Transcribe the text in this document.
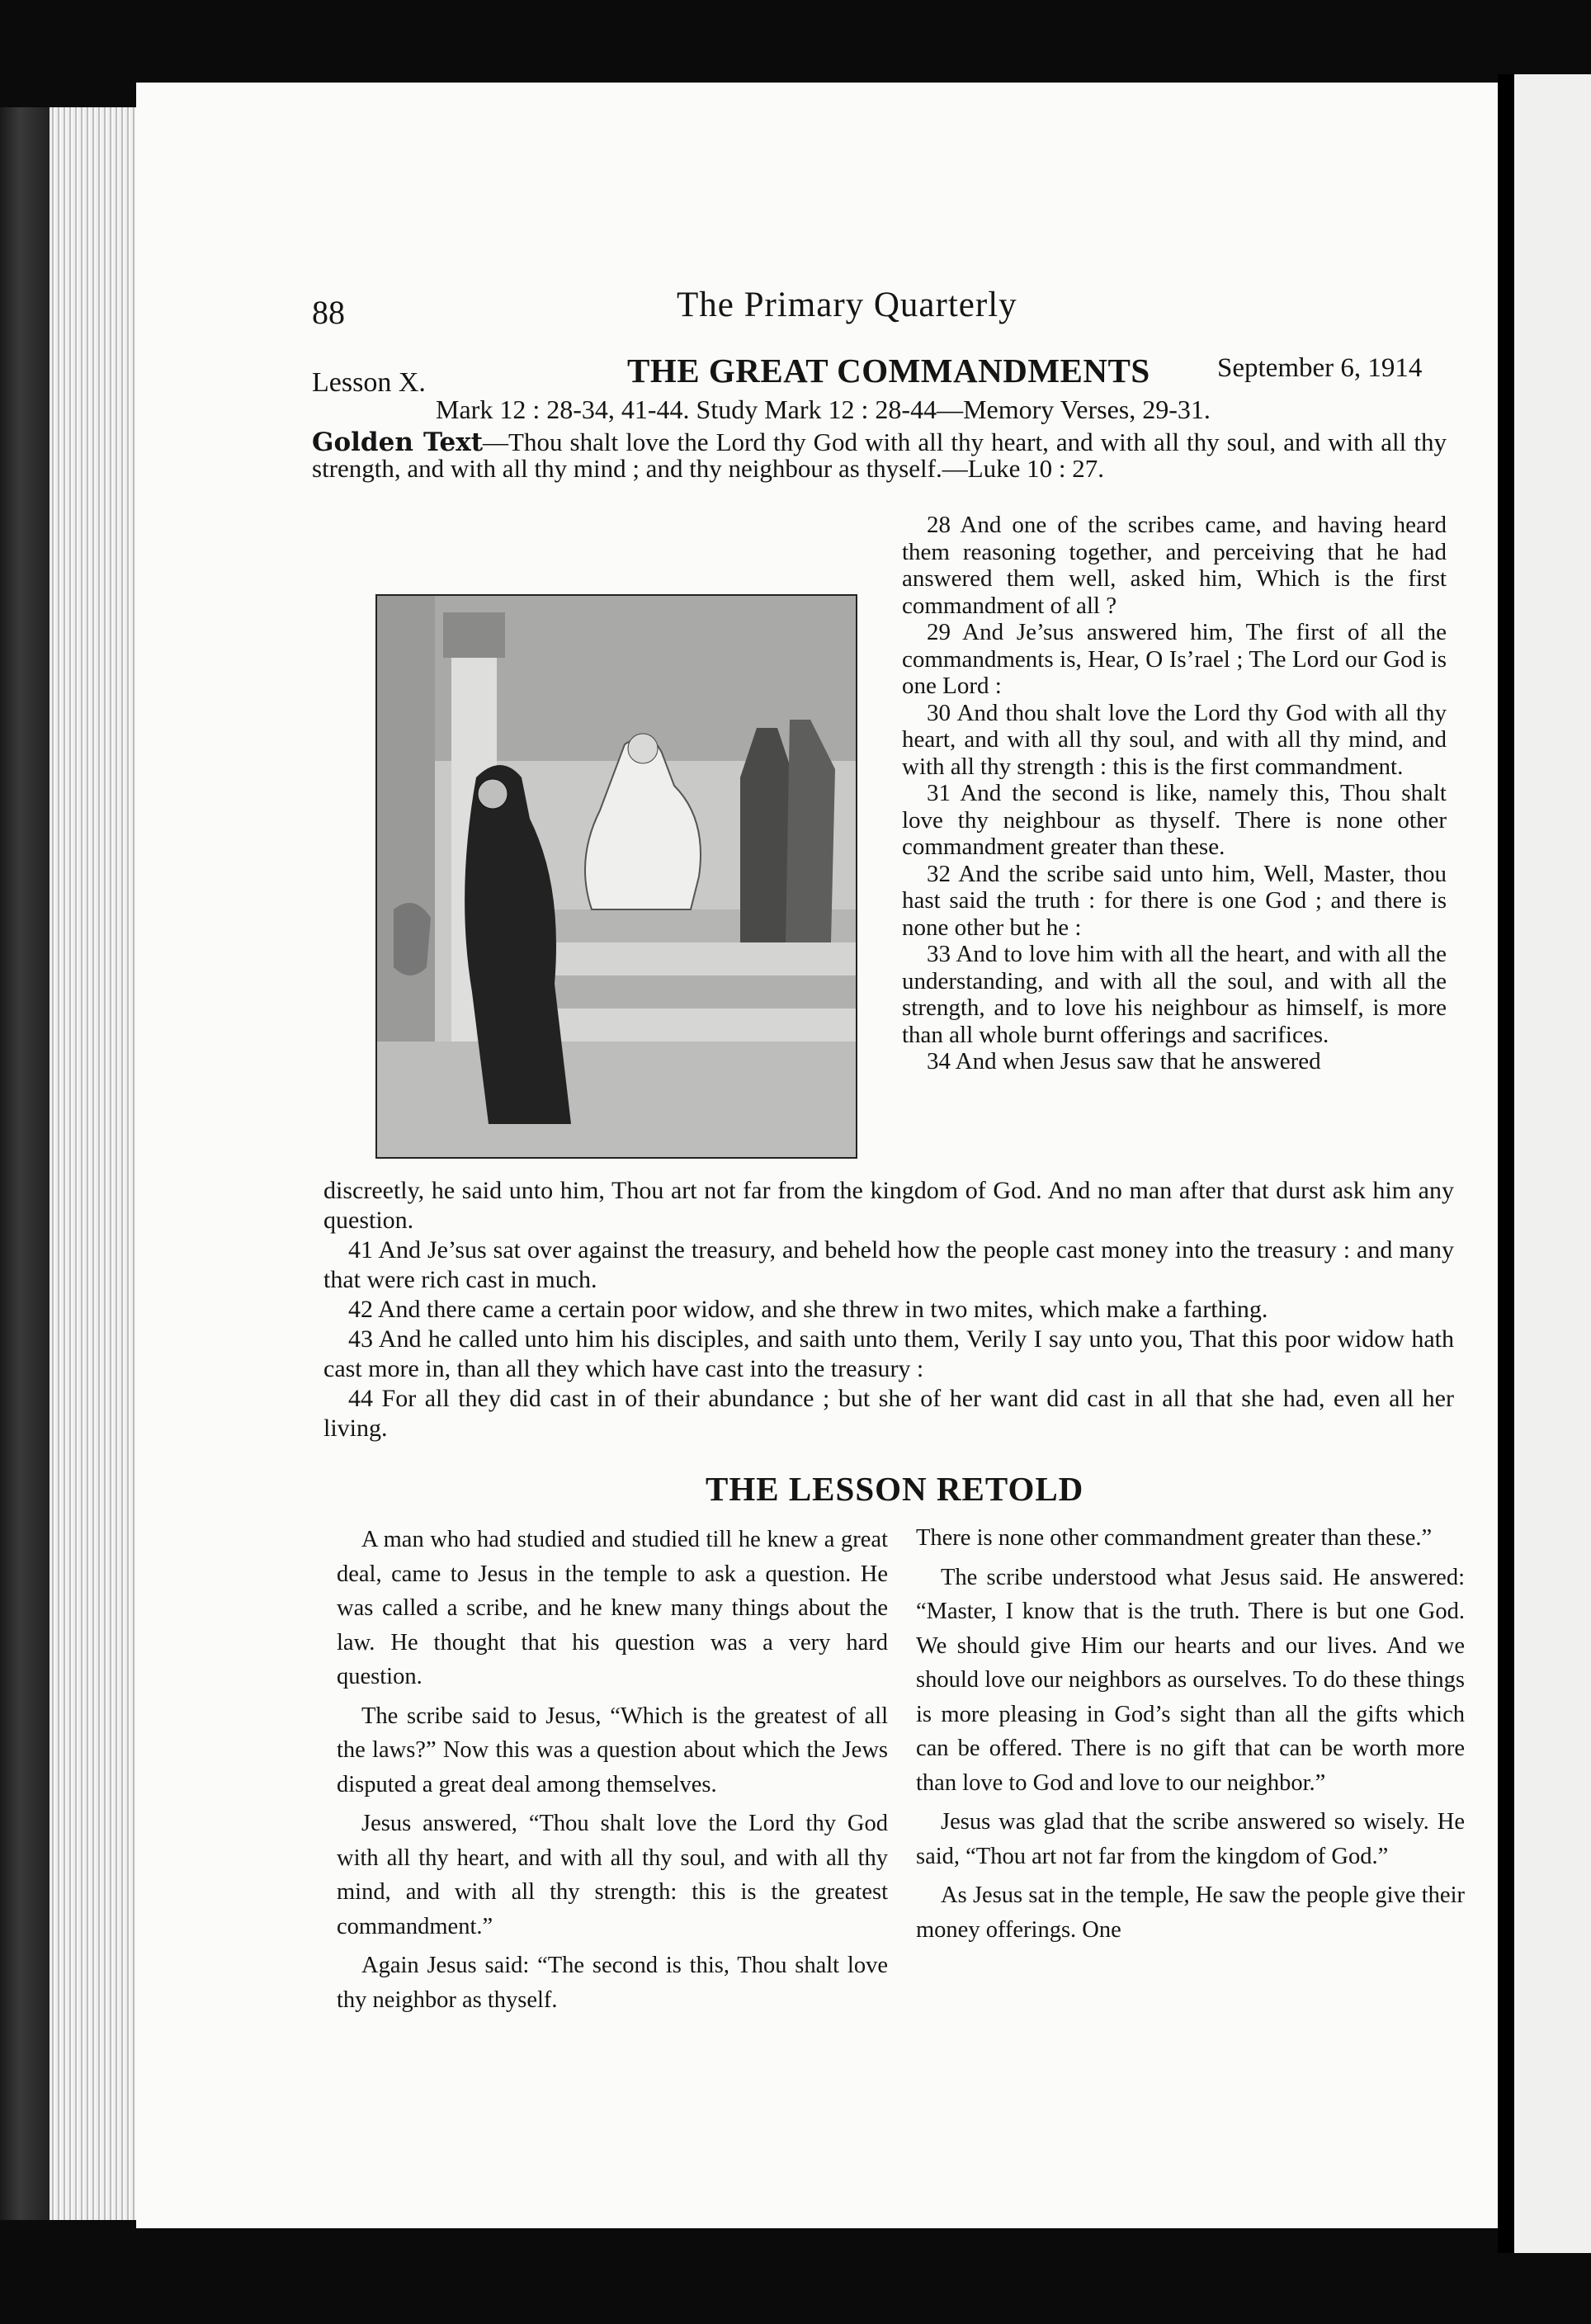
88	The Primary Quarterly
Lesson X.	THE GREAT COMMANDMENTS September 6, 1914
Mark 12 : 28-34, 41-44. Study Mark 12 : 28-44—Memory Verses, 29-31.
Golden Text—Thou shalt love the Lord thy God with all thy heart, and with all thy soul, and with all thy strength, and with all thy mind ; and thy neighbour as thyself.—Luke 10 : 27.

28 And one of the scribes came, and having heard them reasoning together, and perceiving that he had answered them well, asked him, Which is the first commandment of all ?

29 And Je’sus answered him, The first of all the commandments is, Hear, O Is’rael ; The Lord our God is one Lord :

30 And thou shalt love the Lord thy God with all thy heart, and with all thy soul, and with all thy mind, and with all thy strength : this is the first commandment.

31 And the second is like, namely this, Thou shalt love thy neighbour as thyself. There is none other commandment greater than these.

32 And the scribe said unto him, Well, Master, thou hast said the truth : for there is one God ; and there is none other but he :

33 And to love him with all the heart, and with all the understanding, and with all the soul, and with all the strength, and to love his neighbour as himself, is more than all whole burnt offerings and sacrifices.

34 And when Jesus saw that he answered

discreetly, he said unto him, Thou art not far from the kingdom of God. And no man after that durst ask him any question.

41 And Je’sus sat over against the treasury, and beheld how the people cast money into the treasury : and many that were rich cast in much.

42 And there came a certain poor widow, and she threw in two mites, which make a farthing.

43 And he called unto him his disciples, and saith unto them, Verily I say unto you, That this poor widow hath cast more in, than all they which have cast into the treasury :

44 For all they did cast in of their abundance ; but she of her want did cast in all that she had, even all her living.

THE LESSON RETOLD

A man who had studied and studied till he knew a great deal, came to Jesus in the temple to ask a question. He was called a scribe, and he knew many things about the law. He thought that his question was a very hard question.

The scribe said to Jesus, “Which is the greatest of all the laws?” Now this was a question about which the Jews disputed a great deal among themselves.

Jesus answered, “Thou shalt love the Lord thy God with all thy heart, and with all thy soul, and with all thy mind, and with all thy strength: this is the greatest commandment.”

Again Jesus said: “The second is this, Thou shalt love thy neighbor as thyself.

There is none other commandment greater than these.”

The scribe understood what Jesus said. He answered: “Master, I know that is the truth. There is but one God. We should give Him our hearts and our lives. And we should love our neighbors as ourselves. To do these things is more pleasing in God’s sight than all the gifts which can be offered. There is no gift that can be worth more than love to God and love to our neighbor.”

Jesus was glad that the scribe answered so wisely. He said, “Thou art not far from the kingdom of God.”

As Jesus sat in the temple, He saw the people give their money offerings. One
